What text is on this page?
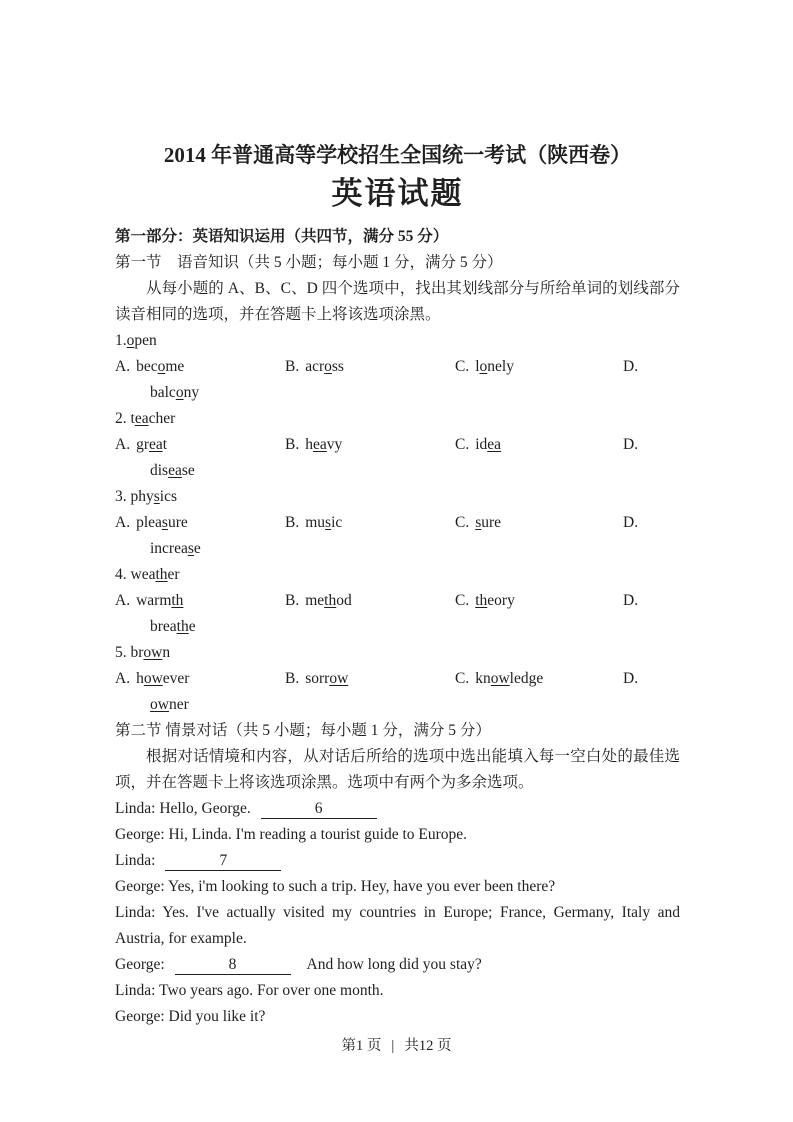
2014 年普通高等学校招生全国统一考试（陕西卷）
英语试题

第一部分：英语知识运用（共四节，满分 55 分）

第一节　语音知识（共 5 小题；每小题 1 分，满分 5 分）

从每小题的 A、B、C、D 四个选项中，找出其划线部分与所给单词的划线部分读音相同的选项，并在答题卡上将该选项涂黑。

1.open
A. become	B. across	C. lonely	D.
balcony
2. teacher
A. great	B. heavy	C. idea	D.
disease
3. physics
A. pleasure	B. music	C. sure	D.
increase
4. weather
A. warmth	B. method	C. theory	D.
breathe
5. brown
A. however	B. sorrow	C. knowledge	D.
owner

第二节 情景对话（共 5 小题；每小题 1 分，满分 5 分）

根据对话情境和内容，从对话后所给的选项中选出能填入每一空白处的最佳选项，并在答题卡上将该选项涂黑。选项中有两个为多余选项。

Linda: Hello, George.	6
George: Hi, Linda. I'm reading a tourist guide to Europe.
Linda:	7
George: Yes, i'm looking to such a trip. Hey, have you ever been there?
Linda: Yes. I've actually visited my countries in Europe; France, Germany, Italy and Austria, for example.
George:	8	And how long did you stay?
Linda: Two years ago. For over one month.
George: Did you like it?
第1 页 | 共12 页
